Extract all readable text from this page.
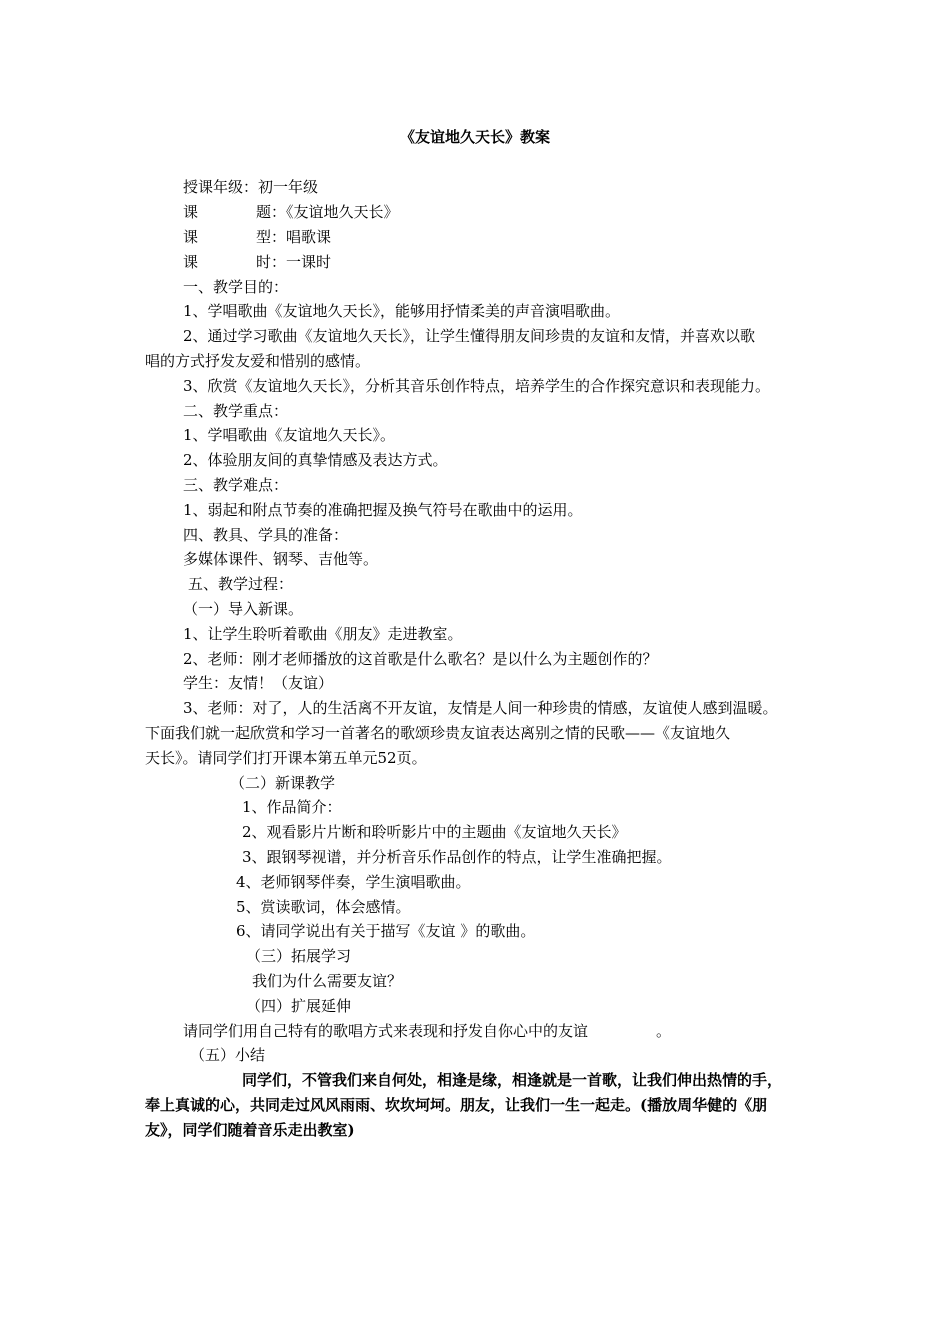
《友谊地久天长》教案
授课年级：初一年级
课	题：《友谊地久天长》
课	型：唱歌课
课	时：一课时
一、教学目的：
1、学唱歌曲《友谊地久天长》，能够用抒情柔美的声音演唱歌曲。
2、通过学习歌曲《友谊地久天长》，让学生懂得朋友间珍贵的友谊和友情，并喜欢以歌
唱的方式抒发友爱和惜别的感情。
3、欣赏《友谊地久天长》，分析其音乐创作特点，培养学生的合作探究意识和表现能力。
二、教学重点：
1、学唱歌曲《友谊地久天长》。
2、体验朋友间的真挚情感及表达方式。
三、教学难点：
1、弱起和附点节奏的准确把握及换气符号在歌曲中的运用。
四、教具、学具的准备：
多媒体课件、钢琴、吉他等。
五、教学过程：
（一）导入新课。
1、让学生聆听着歌曲《朋友》走进教室。
2、老师：刚才老师播放的这首歌是什么歌名？是以什么为主题创作的？
学生：友情！（友谊）
3、老师：对了，人的生活离不开友谊，友情是人间一种珍贵的情感，友谊使人感到温暖。
下面我们就一起欣赏和学习一首著名的歌颂珍贵友谊表达离别之情的民歌——《友谊地久
天长》。请同学们打开课本第五单元52页。
（二）新课教学
1、作品简介：
2、观看影片片断和聆听影片中的主题曲《友谊地久天长》
3、跟钢琴视谱，并分析音乐作品创作的特点，让学生准确把握。
4、老师钢琴伴奏，学生演唱歌曲。
5、赏读歌词，体会感情。
6、请同学说出有关于描写《友谊 》的歌曲。
（三）拓展学习
我们为什么需要友谊？
（四）扩展延伸
请同学们用自己特有的歌唱方式来表现和抒发自你心中的友谊	。
（五）小结
同学们，不管我们来自何处，相逢是缘，相逢就是一首歌，让我们伸出热情的手，
奉上真诚的心，共同走过风风雨雨、坎坎坷坷。朋友，让我们一生一起走。(播放周华健的《朋
友》，同学们随着音乐走出教室)
